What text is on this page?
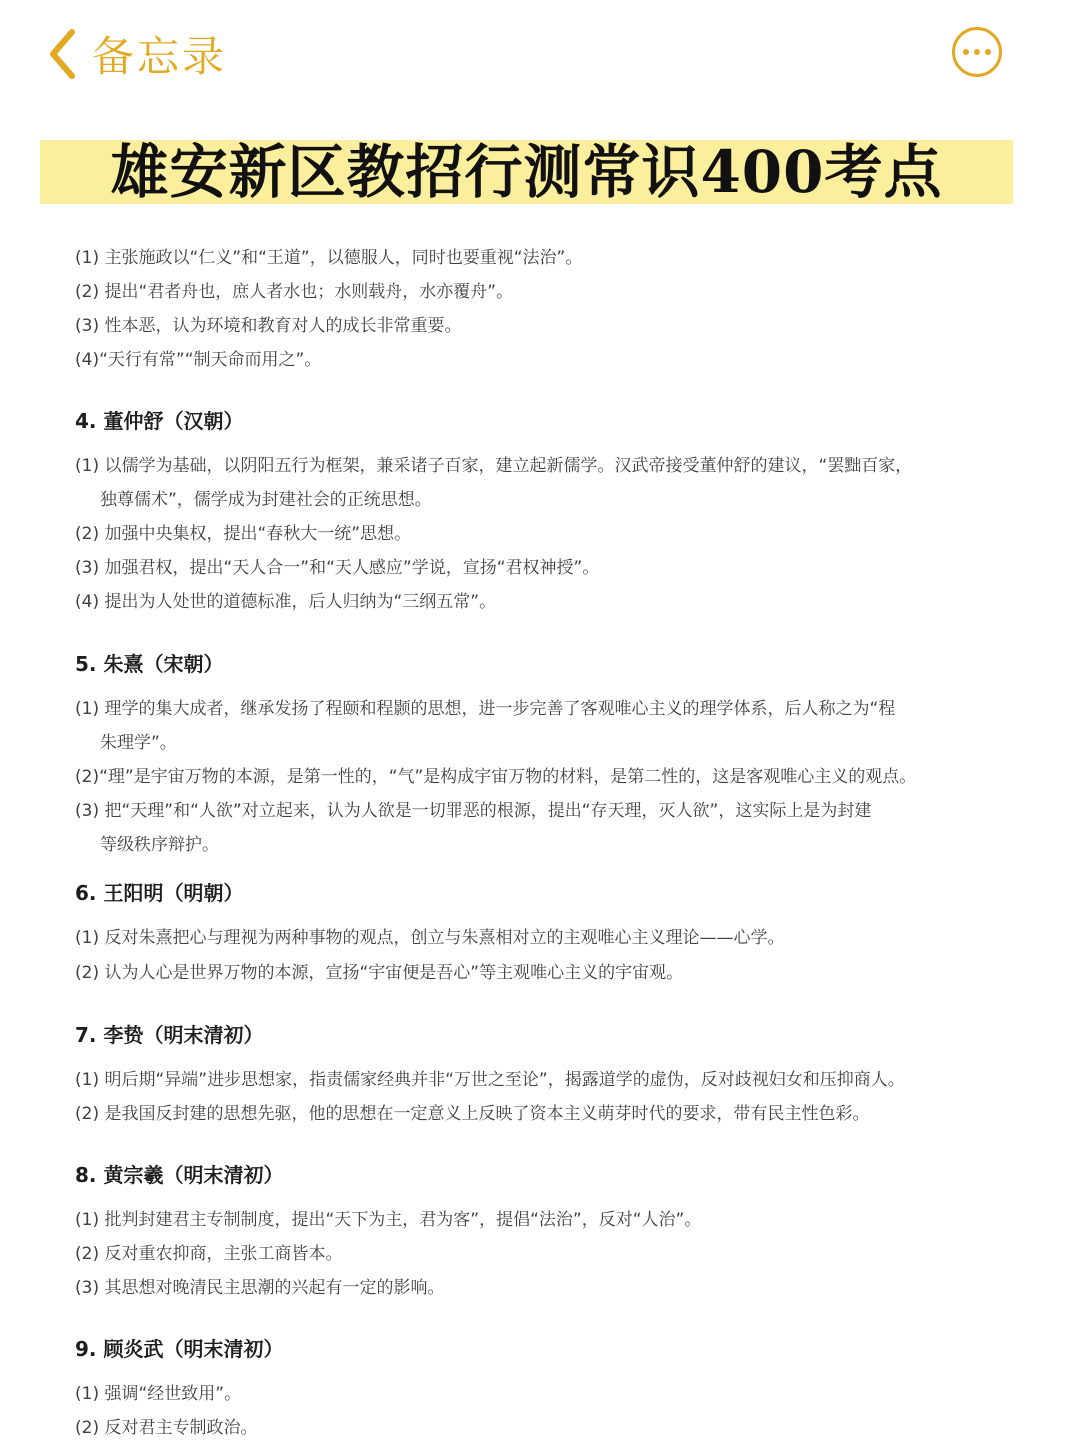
备忘录
雄安新区教招行测常识400考点
(1) 主张施政以“仁义”和“王道”，以德服人，同时也要重视“法治”。
(2) 提出“君者舟也，庶人者水也；水则载舟，水亦覆舟”。
(3) 性本恶，认为环境和教育对人的成长非常重要。
(4)“天行有常”“制天命而用之”。
4. 董仲舒（汉朝）
(1) 以儒学为基础，以阴阳五行为框架，兼采诸子百家，建立起新儒学。汉武帝接受董仲舒的建议，“罢黜百家，
独尊儒术”，儒学成为封建社会的正统思想。
(2) 加强中央集权，提出“春秋大一统”思想。
(3) 加强君权，提出“天人合一”和“天人感应”学说，宣扬“君权神授”。
(4) 提出为人处世的道德标准，后人归纳为“三纲五常”。
5. 朱熹（宋朝）
(1) 理学的集大成者，继承发扬了程颐和程颢的思想，进一步完善了客观唯心主义的理学体系，后人称之为“程
朱理学”。
(2)“理”是宇宙万物的本源，是第一性的，“气”是构成宇宙万物的材料，是第二性的，这是客观唯心主义的观点。
(3) 把“天理”和“人欲”对立起来，认为人欲是一切罪恶的根源，提出“存天理，灭人欲”，这实际上是为封建
等级秩序辩护。
6. 王阳明（明朝）
(1) 反对朱熹把心与理视为两种事物的观点，创立与朱熹相对立的主观唯心主义理论——心学。
(2) 认为人心是世界万物的本源，宣扬“宇宙便是吾心”等主观唯心主义的宇宙观。
7. 李贽（明末清初）
(1) 明后期“异端”进步思想家，指责儒家经典并非“万世之至论”，揭露道学的虚伪，反对歧视妇女和压抑商人。
(2) 是我国反封建的思想先驱，他的思想在一定意义上反映了资本主义萌芽时代的要求，带有民主性色彩。
8. 黄宗羲（明末清初）
(1) 批判封建君主专制制度，提出“天下为主，君为客”，提倡“法治”，反对“人治”。
(2) 反对重农抑商，主张工商皆本。
(3) 其思想对晚清民主思潮的兴起有一定的影响。
9. 顾炎武（明末清初）
(1) 强调“经世致用”。
(2) 反对君主专制政治。
